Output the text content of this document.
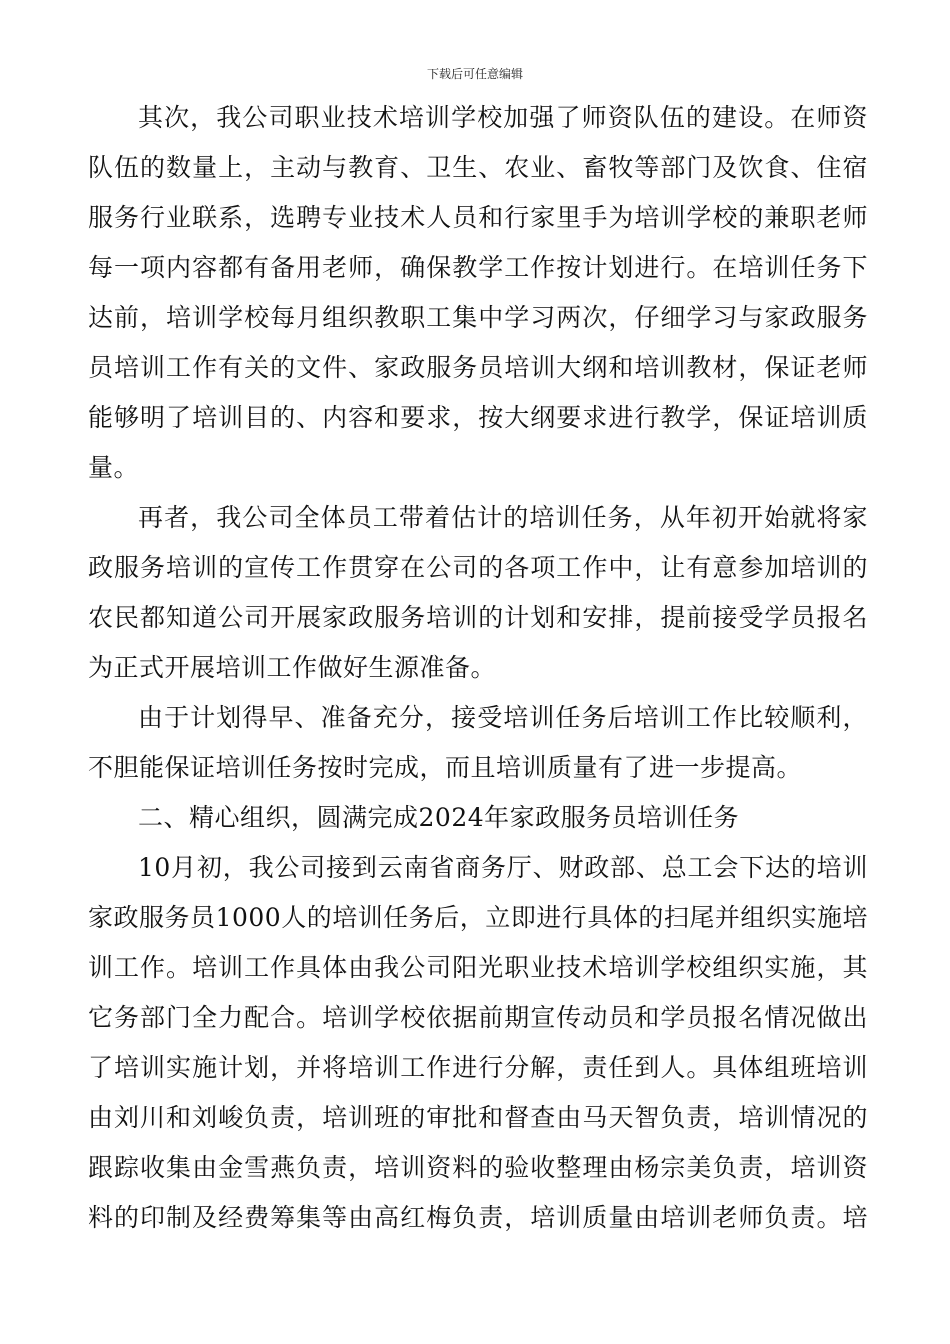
下载后可任意编辑
其次，我公司职业技术培训学校加强了师资队伍的建设。在师资
队伍的数量上，主动与教育、卫生、农业、畜牧等部门及饮食、住宿
服务行业联系，选聘专业技术人员和行家里手为培训学校的兼职老师
每一项内容都有备用老师，确保教学工作按计划进行。在培训任务下
达前，培训学校每月组织教职工集中学习两次，仔细学习与家政服务
员培训工作有关的文件、家政服务员培训大纲和培训教材，保证老师
能够明了培训目的、内容和要求，按大纲要求进行教学，保证培训质
量。
再者，我公司全体员工带着估计的培训任务，从年初开始就将家
政服务培训的宣传工作贯穿在公司的各项工作中，让有意参加培训的
农民都知道公司开展家政服务培训的计划和安排，提前接受学员报名
为正式开展培训工作做好生源准备。
由于计划得早、准备充分，接受培训任务后培训工作比较顺利，
不胆能保证培训任务按时完成，而且培训质量有了进一步提高。
二、精心组织，圆满完成2024年家政服务员培训任务
10月初，我公司接到云南省商务厅、财政部、总工会下达的培训
家政服务员1000人的培训任务后，立即进行具体的扫尾并组织实施培
训工作。培训工作具体由我公司阳光职业技术培训学校组织实施，其
它务部门全力配合。培训学校依据前期宣传动员和学员报名情况做出
了培训实施计划，并将培训工作进行分解，责任到人。具体组班培训
由刘川和刘峻负责，培训班的审批和督查由马天智负责，培训情况的
跟踪收集由金雪燕负责，培训资料的验收整理由杨宗美负责，培训资
料的印制及经费筹集等由高红梅负责，培训质量由培训老师负责。培
